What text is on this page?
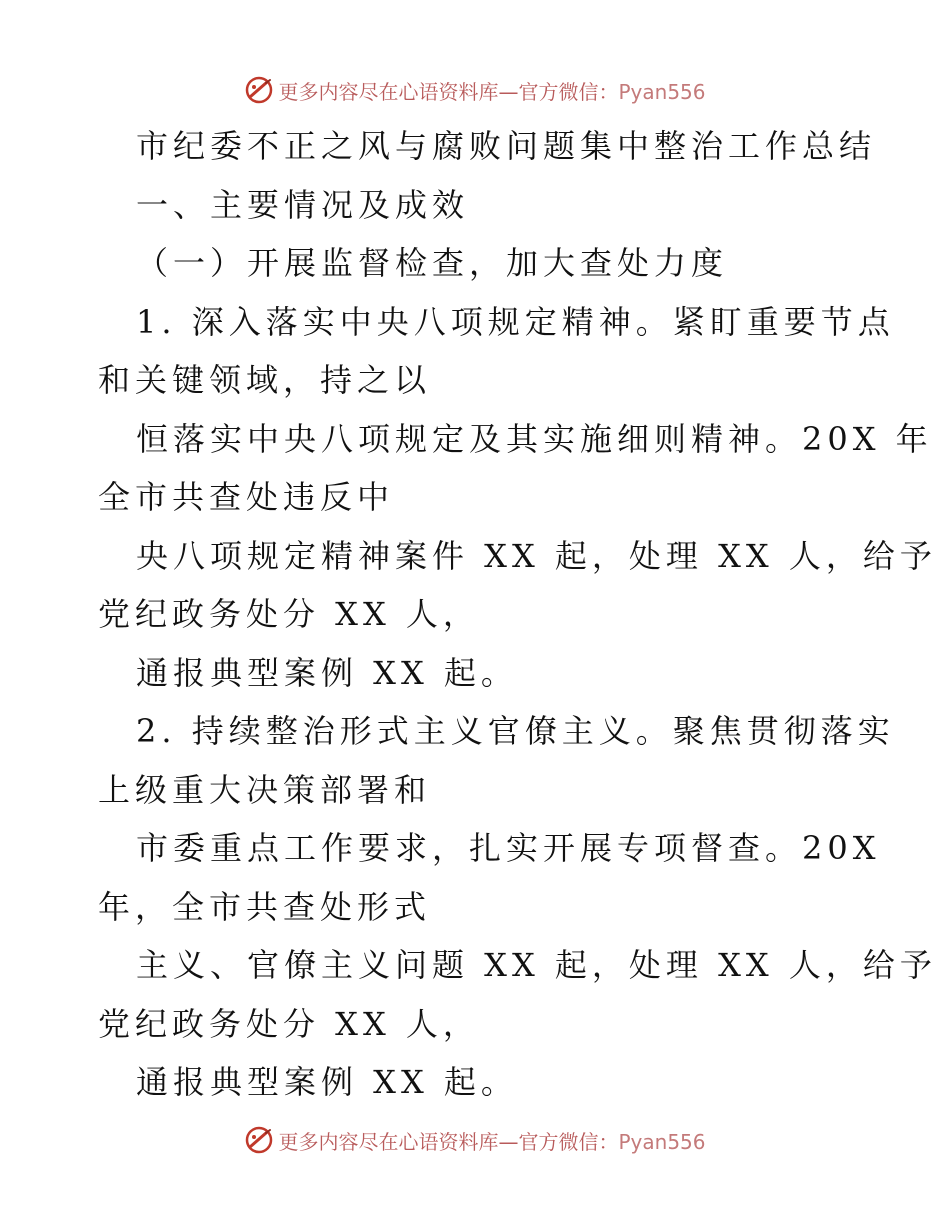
更多内容尽在心语资料库—官方微信：Pyan556
市纪委不正之风与腐败问题集中整治工作总结
一、主要情况及成效
（一）开展监督检查，加大查处力度
1. 深入落实中央八项规定精神。紧盯重要节点
和关键领域，持之以
恒落实中央八项规定及其实施细则精神。20X 年
全市共查处违反中
央八项规定精神案件 XX 起，处理 XX 人，给予
党纪政务处分 XX 人，
通报典型案例 XX 起。
2. 持续整治形式主义官僚主义。聚焦贯彻落实
上级重大决策部署和
市委重点工作要求，扎实开展专项督查。20X
年，全市共查处形式
主义、官僚主义问题 XX 起，处理 XX 人，给予
党纪政务处分 XX 人，
通报典型案例 XX 起。
更多内容尽在心语资料库—官方微信：Pyan556
